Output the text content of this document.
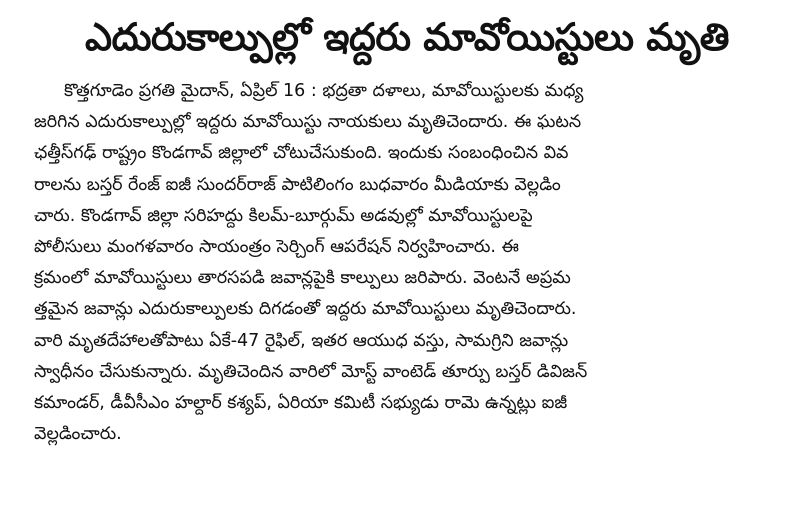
ఎదురుకాల్పుల్లో ఇద్దరు మావోయిస్టులు మృతి
కొత్తగూడెం ప్రగతి మైదాన్, ఏప్రిల్ 16 : భద్రతా దళాలు, మావోయిస్టులకు మధ్య
జరిగిన ఎదురుకాల్పుల్లో ఇద్దరు మావోయిస్టు నాయకులు మృతిచెందారు. ఈ ఘటన
ఛత్తీస్‌గఢ్ రాష్ట్రం కొండగావ్ జిల్లాలో చోటుచేసుకుంది. ఇందుకు సంబంధించిన వివ
రాలను బస్తర్ రేంజ్ ఐజీ సుందర్‌రాజ్ పాటిలింగం బుధవారం మీడియాకు వెల్లడిం
చారు. కొండగావ్ జిల్లా సరిహద్దు కిలమ్-బూర్గుమ్ అడవుల్లో మావోయిస్టులపై
పోలీసులు మంగళవారం సాయంత్రం సెర్చింగ్ ఆపరేషన్ నిర్వహించారు. ఈ
క్రమంలో మావోయిస్టులు తారసపడి జవాన్లపైకి కాల్పులు జరిపారు. వెంటనే అప్రమ
త్తమైన జవాన్లు ఎదురుకాల్పులకు దిగడంతో ఇద్దరు మావోయిస్టులు మృతిచెందారు.
వారి మృతదేహాలతోపాటు ఏకే-47 రైఫిల్, ఇతర ఆయుధ వస్తు, సామగ్రిని జవాన్లు
స్వాధీనం చేసుకున్నారు. మృతిచెందిన వారిలో మోస్ట్ వాంటెడ్ తూర్పు బస్తర్ డివిజన్
కమాండర్, డీవీసీఎం హల్దార్ కశ్యప్, ఏరియా కమిటీ సభ్యుడు రామె ఉన్నట్లు ఐజీ
వెల్లడించారు.
